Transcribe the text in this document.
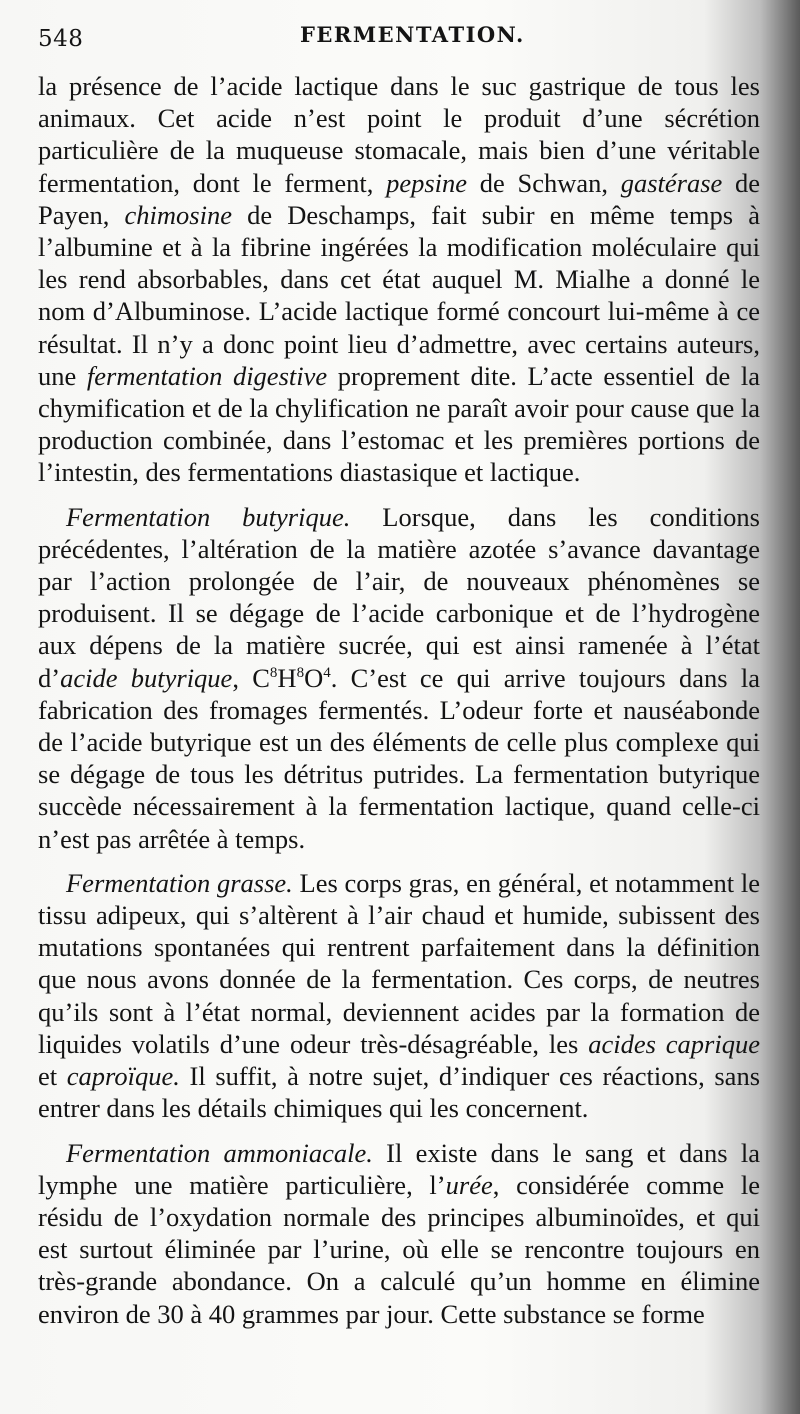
548	FERMENTATION.

la présence de l’acide lactique dans le suc gastrique de tous les animaux. Cet acide n’est point le produit d’une sécrétion particulière de la muqueuse stomacale, mais bien d’une véritable fermentation, dont le ferment, pepsine de Schwan, gastérase de Payen, chimosine de Deschamps, fait subir en même temps à l’albumine et à la fibrine ingérées la modification moléculaire qui les rend absorbables, dans cet état auquel M. Mialhe a donné le nom d’Albuminose. L’acide lactique formé concourt lui-même à ce résultat. Il n’y a donc point lieu d’admettre, avec certains auteurs, une fermentation digestive proprement dite. L’acte essentiel de la chymification et de la chylification ne paraît avoir pour cause que la production combinée, dans l’estomac et les premières portions de l’intestin, des fermentations diastasique et lactique.

Fermentation butyrique. Lorsque, dans les conditions précédentes, l’altération de la matière azotée s’avance davantage par l’action prolongée de l’air, de nouveaux phénomènes se produisent. Il se dégage de l’acide carbonique et de l’hydrogène aux dépens de la matière sucrée, qui est ainsi ramenée à l’état d’acide butyrique, $C^8H^8O^4$. C’est ce qui arrive toujours dans la fabrication des fromages fermentés. L’odeur forte et nauséabonde de l’acide butyrique est un des éléments de celle plus complexe qui se dégage de tous les détritus putrides. La fermentation butyrique succède nécessairement à la fermentation lactique, quand celle-ci n’est pas arrêtée à temps.

Fermentation grasse. Les corps gras, en général, et notamment le tissu adipeux, qui s’altèrent à l’air chaud et humide, subissent des mutations spontanées qui rentrent parfaitement dans la définition que nous avons donnée de la fermentation. Ces corps, de neutres qu’ils sont à l’état normal, deviennent acides par la formation de liquides volatils d’une odeur très-désagréable, les acides caprique et caproïque. Il suffit, à notre sujet, d’indiquer ces réactions, sans entrer dans les détails chimiques qui les concernent.

Fermentation ammoniacale. Il existe dans le sang et dans la lymphe une matière particulière, l’urée, considérée comme le résidu de l’oxydation normale des principes albuminoïdes, et qui est surtout éliminée par l’urine, où elle se rencontre toujours en très-grande abondance. On a calculé qu’un homme en élimine environ de 30 à 40 grammes par jour. Cette substance se forme
